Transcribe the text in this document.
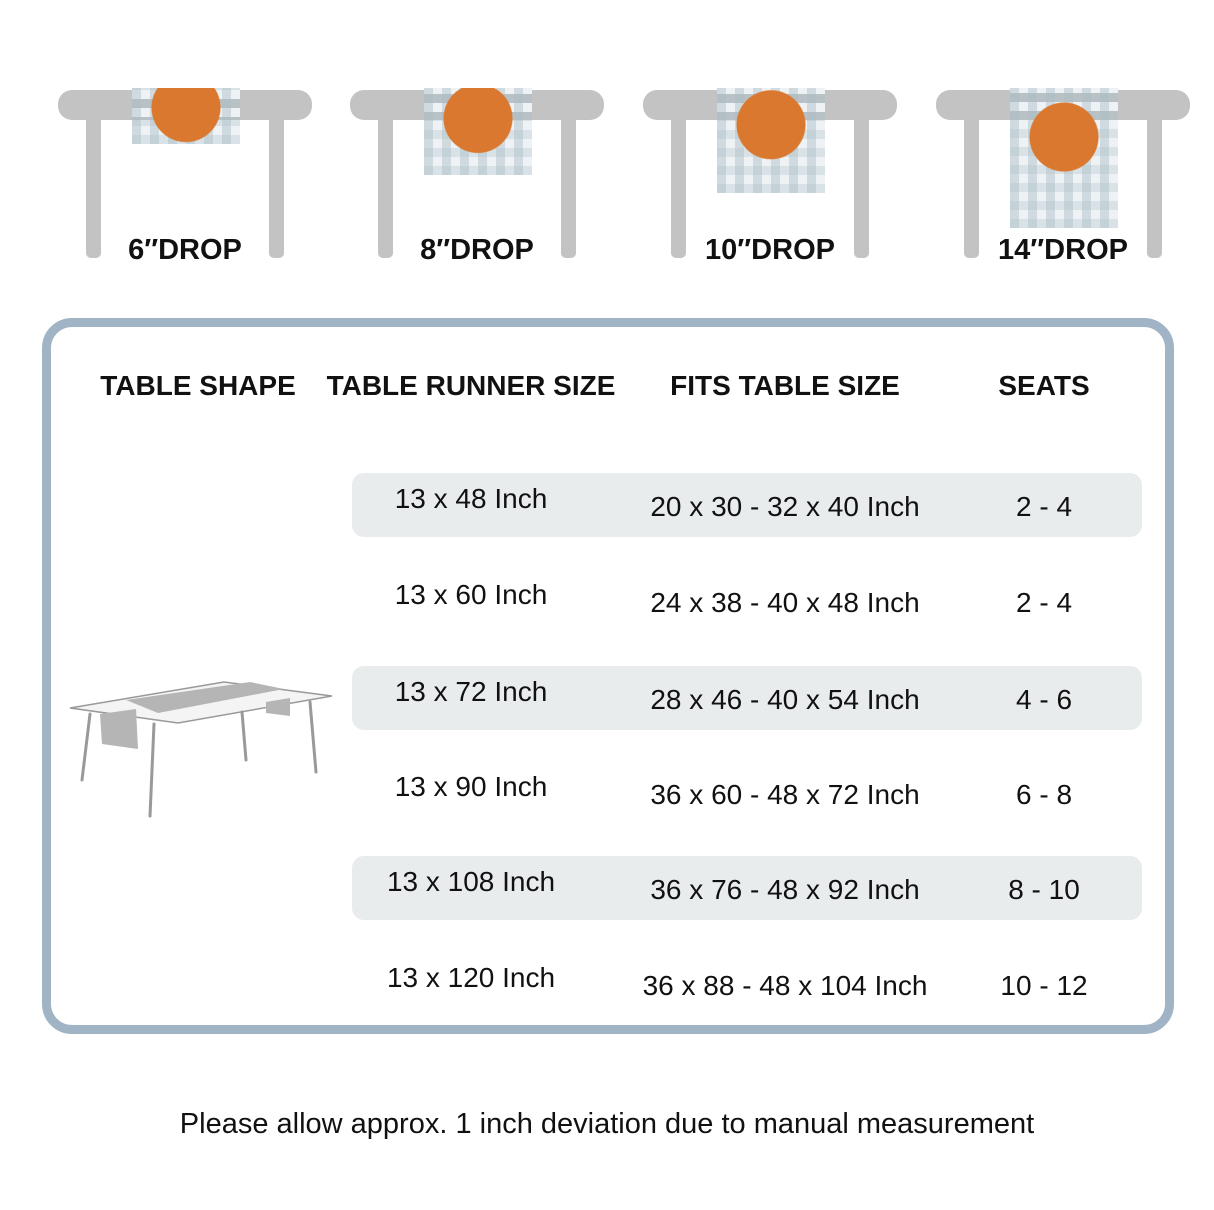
6″DROP	8″DROP	10″DROP	14″DROP
TABLE SHAPE TABLE RUNNER SIZE FITS TABLE SIZE	SEATS
13 x 48 Inch	20 x 30 - 32 x 40 Inch	2 - 4
13 x 60 Inch	24 x 38 - 40 x 48 Inch	2 - 4
13 x 72 Inch	28 x 46 - 40 x 54 Inch	4 - 6
13 x 90 Inch	36 x 60 - 48 x 72 Inch	6 - 8
13 x 108 Inch	36 x 76 - 48 x 92 Inch	8 - 10
13 x 120 Inch	36 x 88 - 48 x 104 Inch	10 - 12
Please allow approx. 1 inch deviation due to manual measurement
